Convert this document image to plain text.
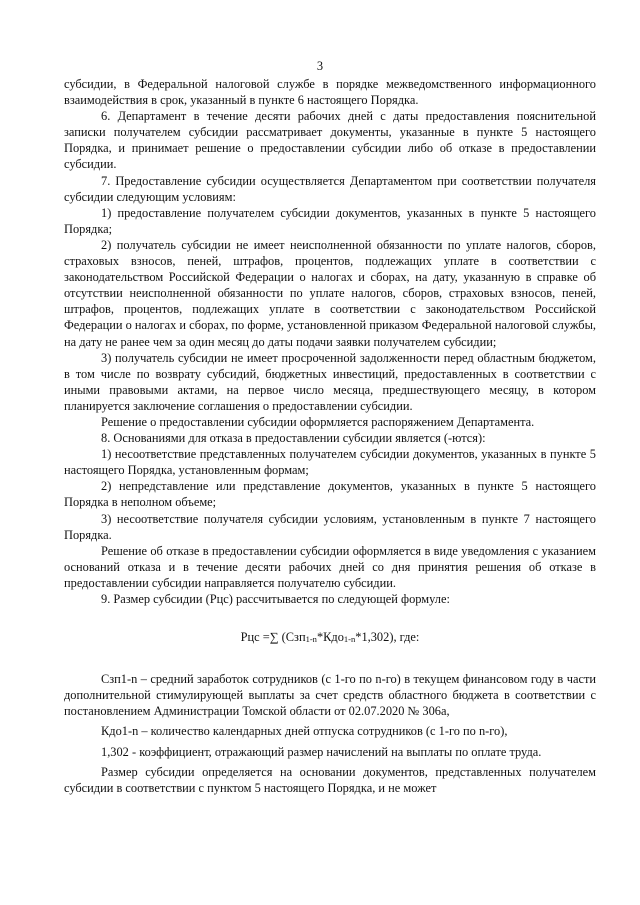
3

субсидии, в Федеральной налоговой службе в порядке межведомственного информационного взаимодействия в срок, указанный в пункте 6 настоящего Порядка.

6. Департамент в течение десяти рабочих дней с даты предоставления пояснительной записки получателем субсидии рассматривает документы, указанные в пункте 5 настоящего Порядка, и принимает решение о предоставлении субсидии либо об отказе в предоставлении субсидии.

7. Предоставление субсидии осуществляется Департаментом при соответствии получателя субсидии следующим условиям:

1) предоставление получателем субсидии документов, указанных в пункте 5 настоящего Порядка;

2) получатель субсидии не имеет неисполненной обязанности по уплате налогов, сборов, страховых взносов, пеней, штрафов, процентов, подлежащих уплате в соответствии с законодательством Российской Федерации о налогах и сборах, на дату, указанную в справке об отсутствии неисполненной обязанности по уплате налогов, сборов, страховых взносов, пеней, штрафов, процентов, подлежащих уплате в соответствии с законодательством Российской Федерации о налогах и сборах, по форме, установленной приказом Федеральной налоговой службы, на дату не ранее чем за один месяц до даты подачи заявки получателем субсидии;

3) получатель субсидии не имеет просроченной задолженности перед областным бюджетом, в том числе по возврату субсидий, бюджетных инвестиций, предоставленных в соответствии с иными правовыми актами, на первое число месяца, предшествующего месяцу, в котором планируется заключение соглашения о предоставлении субсидии.

Решение о предоставлении субсидии оформляется распоряжением Департамента.

8. Основаниями для отказа в предоставлении субсидии является (-ются):

1) несоответствие представленных получателем субсидии документов, указанных в пункте 5 настоящего Порядка, установленным формам;

2) непредставление или представление документов, указанных в пункте 5 настоящего Порядка в неполном объеме;

3) несоответствие получателя субсидии условиям, установленным в пункте 7 настоящего Порядка.

Решение об отказе в предоставлении субсидии оформляется в виде уведомления с указанием оснований отказа и в течение десяти рабочих дней со дня принятия решения об отказе в предоставлении субсидии направляется получателю субсидии.

9. Размер субсидии (Рцс) рассчитывается по следующей формуле:

Рцс =∑ (Сзп$_{1-n}$*Кдо$_{1-n}$*1,302), где:

Сзп1-n – средний заработок сотрудников (с 1-го по n-го) в текущем финансовом году в части дополнительной стимулирующей выплаты за счет средств областного бюджета в соответствии с постановлением Администрации Томской области от 02.07.2020 № 306а,

Кдо1-n – количество календарных дней отпуска сотрудников (с 1-го по n-го),

1,302 - коэффициент, отражающий размер начислений на выплаты по оплате труда.

Размер субсидии определяется на основании документов, представленных получателем субсидии в соответствии с пунктом 5 настоящего Порядка, и не может
